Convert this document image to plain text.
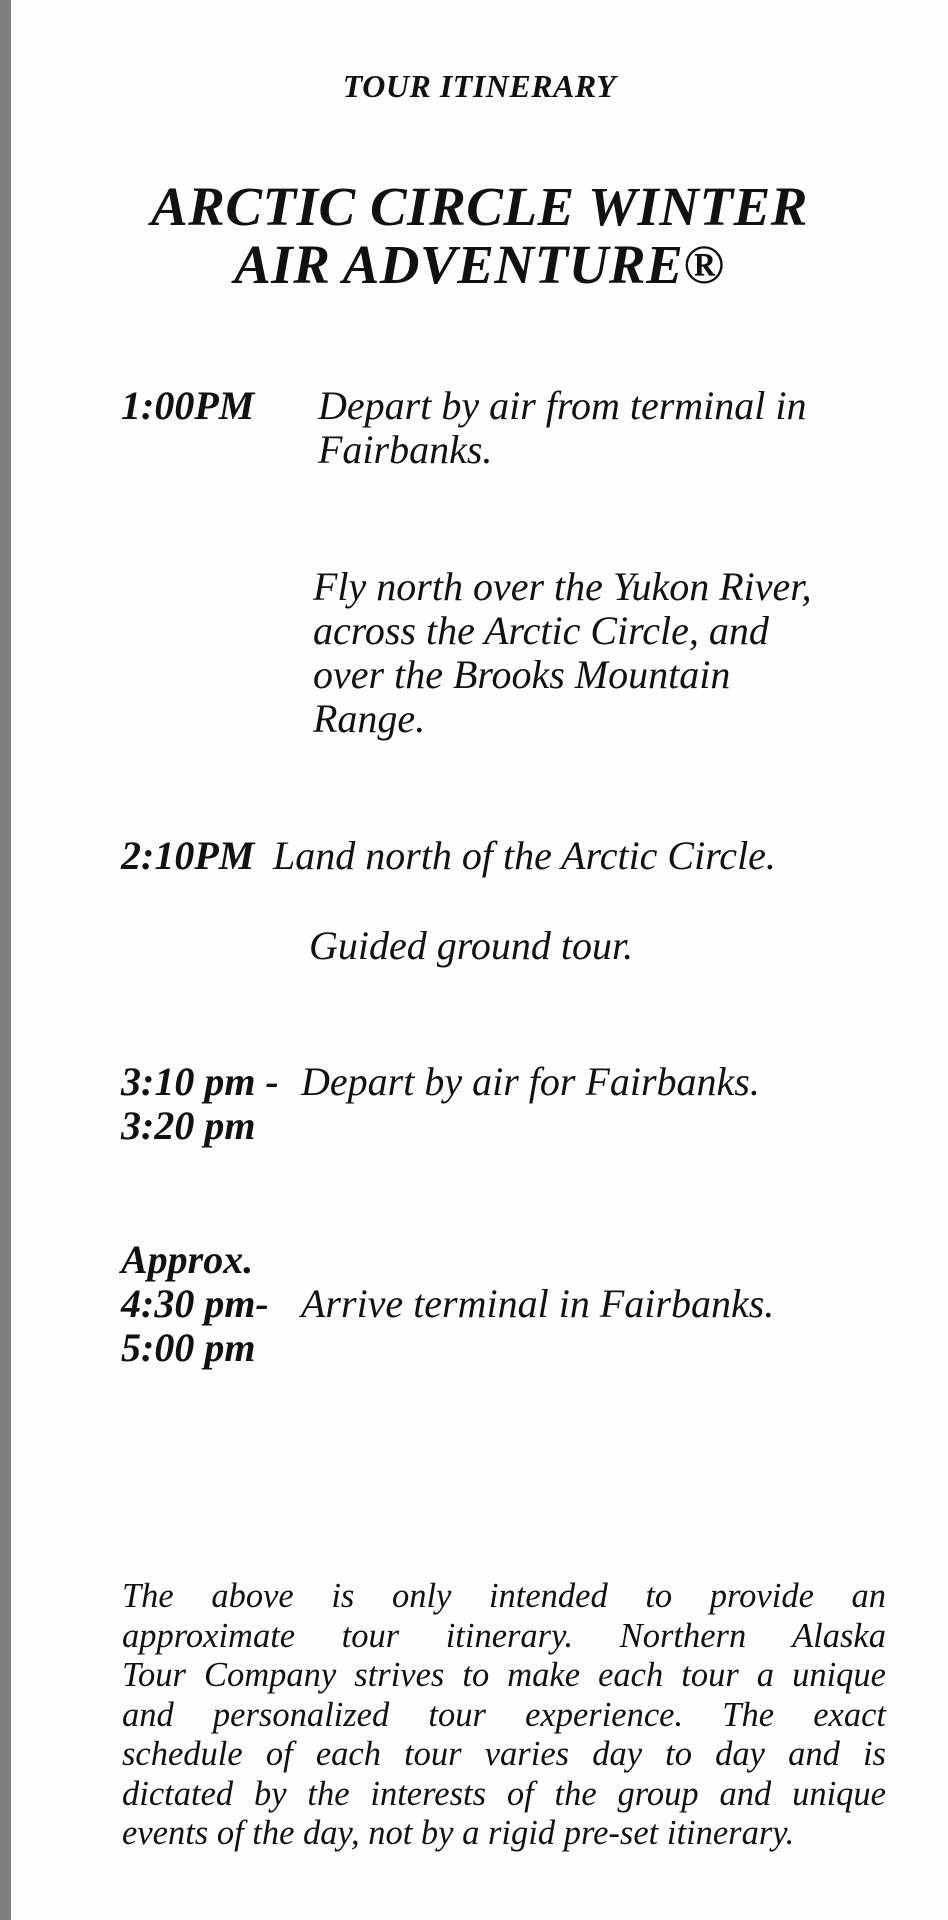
TOUR ITINERARY
ARCTIC CIRCLE WINTER
AIR ADVENTURE®
1:00PM Depart by air from terminal in
Fairbanks.
Fly north over the Yukon River,
across the Arctic Circle, and
over the Brooks Mountain
Range.
2:10PM Land north of the Arctic Circle.
Guided ground tour.
3:10 pm -
3:20 pm
Depart by air for Fairbanks.
Approx.
4:30 pm-
5:00 pm
Arrive terminal in Fairbanks.
The above is only intended to provide an
approximate tour itinerary. Northern Alaska
Tour Company strives to make each tour a unique
and personalized tour experience. The exact
schedule of each tour varies day to day and is
dictated by the interests of the group and unique
events of the day, not by a rigid pre-set itinerary.
